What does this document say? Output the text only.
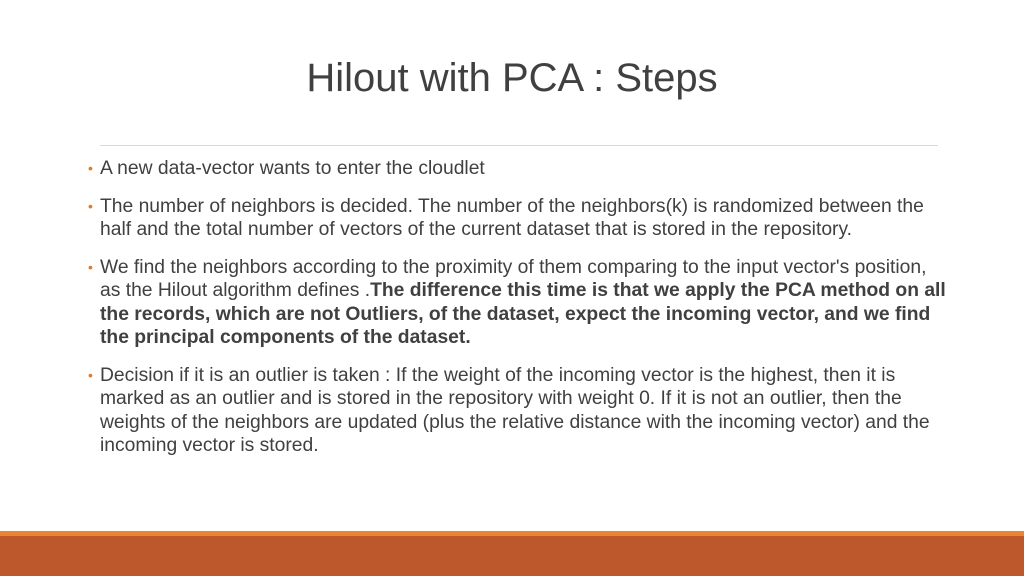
Hilout with PCA : Steps
• A new data-vector wants to enter the cloudlet
• The number of neighbors is decided. The number of the neighbors(k) is randomized between the half and the total number of vectors of the current dataset that is stored in the repository.
• We find the neighbors according to the proximity of them comparing to the input vector's position, as the Hilout algorithm defines .The difference this time is that we apply the PCA method on all the records, which are not Outliers, of the dataset, expect the incoming vector, and we find the principal components of the dataset.
• Decision if it is an outlier is taken : If the weight of the incoming vector is the highest, then it is marked as an outlier and is stored in the repository with weight 0. If it is not an outlier, then the weights of the neighbors are updated (plus the relative distance with the incoming vector) and the incoming vector is stored.
